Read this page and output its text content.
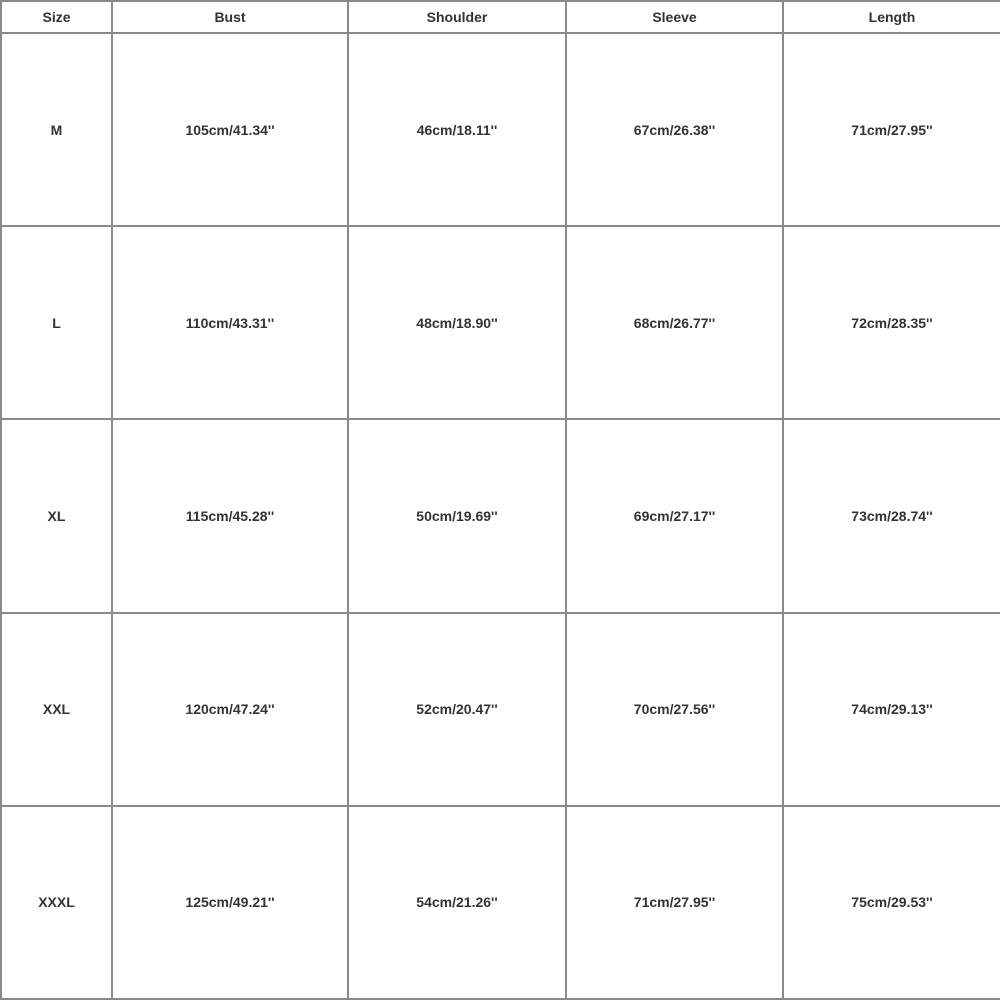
Size	Bust	Shoulder	Sleeve	Length
M	105cm/41.34''	46cm/18.11''	67cm/26.38''	71cm/27.95''
L	110cm/43.31''	48cm/18.90''	68cm/26.77''	72cm/28.35''
XL	115cm/45.28''	50cm/19.69''	69cm/27.17''	73cm/28.74''
XXL	120cm/47.24''	52cm/20.47''	70cm/27.56''	74cm/29.13''
XXXL	125cm/49.21''	54cm/21.26''	71cm/27.95''	75cm/29.53''
